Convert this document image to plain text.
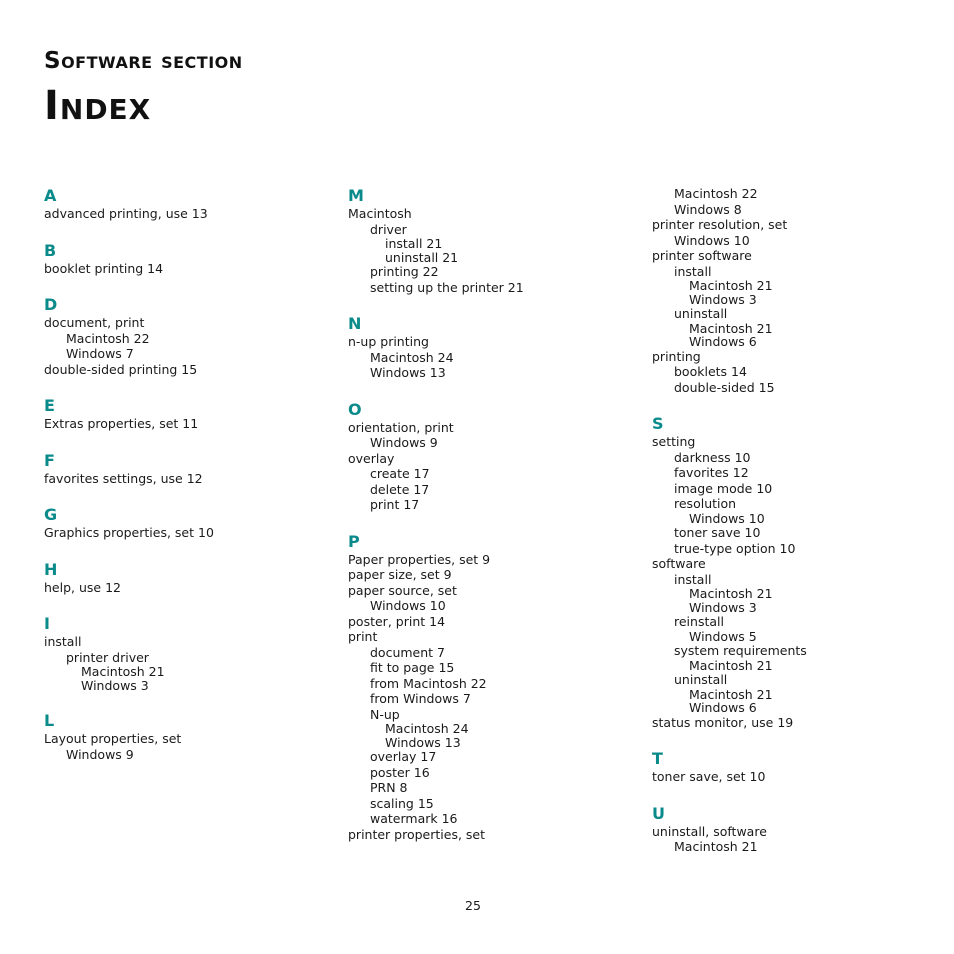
Software section
Index
A
advanced printing, use 13
B
booklet printing 14
D
document, print
Macintosh 22
Windows 7
double-sided printing 15
E
Extras properties, set 11
F
favorites settings, use 12
G
Graphics properties, set 10
H
help, use 12
I
install
printer driver
Macintosh 21
Windows 3
L
Layout properties, set
Windows 9
M
Macintosh
driver
install 21
uninstall 21
printing 22
setting up the printer 21
N
n-up printing
Macintosh 24
Windows 13
O
orientation, print
Windows 9
overlay
create 17
delete 17
print 17
P
Paper properties, set 9
paper size, set 9
paper source, set
Windows 10
poster, print 14
print
document 7
fit to page 15
from Macintosh 22
from Windows 7
N-up
Macintosh 24
Windows 13
overlay 17
poster 16
PRN 8
scaling 15
watermark 16
printer properties, set
Macintosh 22
Windows 8
printer resolution, set
Windows 10
printer software
install
Macintosh 21
Windows 3
uninstall
Macintosh 21
Windows 6
printing
booklets 14
double-sided 15
S
setting
darkness 10
favorites 12
image mode 10
resolution
Windows 10
toner save 10
true-type option 10
software
install
Macintosh 21
Windows 3
reinstall
Windows 5
system requirements
Macintosh 21
uninstall
Macintosh 21
Windows 6
status monitor, use 19
T
toner save, set 10
U
uninstall, software
Macintosh 21
25
